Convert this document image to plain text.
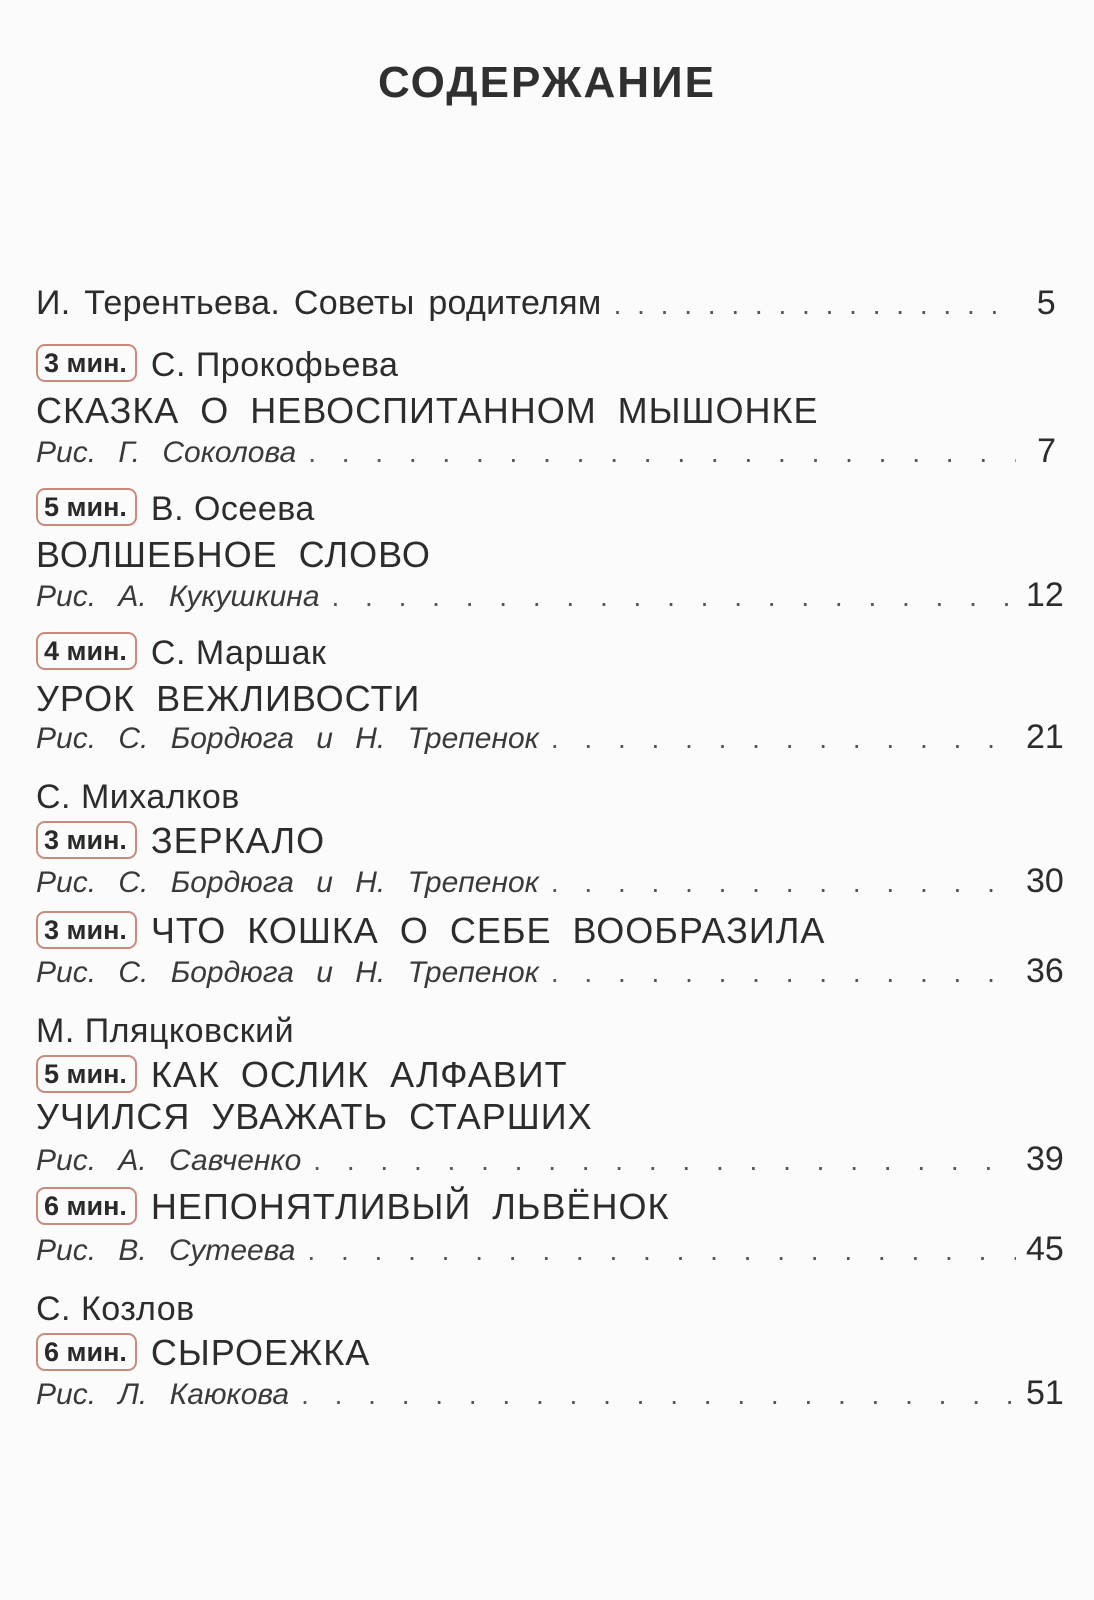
СОДЕРЖАНИЕ
И. Терентьева. Советы родителям . . .	5
3 мин. С. Прокофьева
СКАЗКА О НЕВОСПИТАННОМ МЫШОНКЕ
Рис. Г. Соколова . . .	7
5 мин. В. Осеева
ВОЛШЕБНОЕ СЛОВО
Рис. А. Кукушкина . . .	12
4 мин. С. Маршак
УРОК ВЕЖЛИВОСТИ
Рис. С. Бордюга и Н. Трепенок . . .	21
С. Михалков
3 мин. ЗЕРКАЛО
Рис. С. Бордюга и Н. Трепенок . . .	30
3 мин. ЧТО КОШКА О СЕБЕ ВООБРАЗИЛА
Рис. С. Бордюга и Н. Трепенок . . .	36
М. Пляцковский
5 мин. КАК ОСЛИК АЛФАВИТ
УЧИЛСЯ УВАЖАТЬ СТАРШИХ
Рис. А. Савченко . . .	39
6 мин. НЕПОНЯТЛИВЫЙ ЛЬВЁНОК
Рис. В. Сутеева . . .	45
С. Козлов
6 мин. СЫРОЕЖКА
Рис. Л. Каюкова . . .	51
